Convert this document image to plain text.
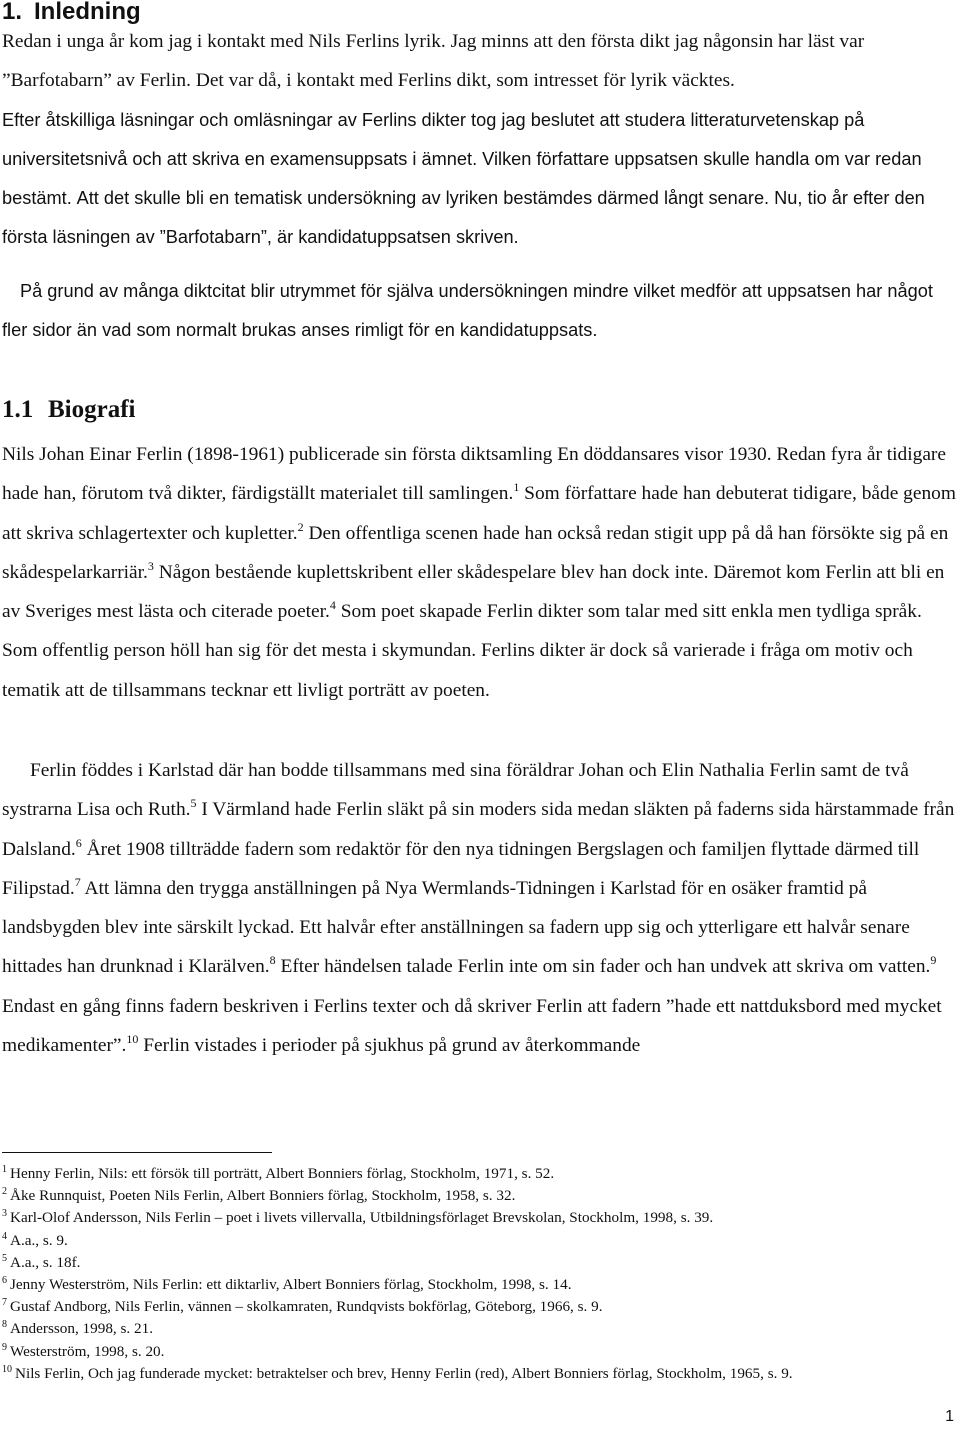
1. Inledning

Redan i unga år kom jag i kontakt med Nils Ferlins lyrik. Jag minns att den första dikt jag någonsin har läst var ”Barfotabarn” av Ferlin. Det var då, i kontakt med Ferlins dikt, som intresset för lyrik väcktes.
Efter åtskilliga läsningar och omläsningar av Ferlins dikter tog jag beslutet att studera litteraturvetenskap på universitetsnivå och att skriva en examensuppsats i ämnet. Vilken författare uppsatsen skulle handla om var redan bestämt. Att det skulle bli en tematisk undersökning av lyriken bestämdes därmed långt senare. Nu, tio år efter den första läsningen av ”Barfotabarn”, är kandidatuppsatsen skriven.

På grund av många diktcitat blir utrymmet för själva undersökningen mindre vilket medför att uppsatsen har något fler sidor än vad som normalt brukas anses rimligt för en kandidatuppsats.

1.1 Biografi

Nils Johan Einar Ferlin (1898-1961) publicerade sin första diktsamling En döddansares visor 1930. Redan fyra år tidigare hade han, förutom två dikter, färdigställt materialet till samlingen.$^1$ Som författare hade han debuterat tidigare, både genom att skriva schlagertexter och kupletter.$^2$ Den offentliga scenen hade han också redan stigit upp på då han försökte sig på en skådespelarkarriär.$^3$ Någon bestående kuplettskribent eller skådespelare blev han dock inte. Däremot kom Ferlin att bli en av Sveriges mest lästa och citerade poeter.$^4$ Som poet skapade Ferlin dikter som talar med sitt enkla men tydliga språk. Som offentlig person höll han sig för det mesta i skymundan. Ferlins dikter är dock så varierade i fråga om motiv och tematik att de tillsammans tecknar ett livligt porträtt av poeten.

Ferlin föddes i Karlstad där han bodde tillsammans med sina föräldrar Johan och Elin Nathalia Ferlin samt de två systrarna Lisa och Ruth.$^5$ I Värmland hade Ferlin släkt på sin moders sida medan släkten på faderns sida härstammade från Dalsland.$^6$ Året 1908 tillträdde fadern som redaktör för den nya tidningen Bergslagen och familjen flyttade därmed till Filipstad.$^7$ Att lämna den trygga anställningen på Nya Wermlands-Tidningen i Karlstad för en osäker framtid på landsbygden blev inte särskilt lyckad. Ett halvår efter anställningen sa fadern upp sig och ytterligare ett halvår senare hittades han drunknad i Klarälven.$^8$ Efter händelsen talade Ferlin inte om sin fader och han undvek att skriva om vatten.$^9$ Endast en gång finns fadern beskriven i Ferlins texter och då skriver Ferlin att fadern ”hade ett nattduksbord med mycket medikamenter”.$^{10}$ Ferlin vistades i perioder på sjukhus på grund av återkommande

$^1$ Henny Ferlin, Nils: ett försök till porträtt, Albert Bonniers förlag, Stockholm, 1971, s. 52.
$^2$ Åke Runnquist, Poeten Nils Ferlin, Albert Bonniers förlag, Stockholm, 1958, s. 32.
$^3$ Karl-Olof Andersson, Nils Ferlin – poet i livets villervalla, Utbildningsförlaget Brevskolan, Stockholm, 1998, s. 39.
$^4$ A.a., s. 9.
$^5$ A.a., s. 18f.
$^6$ Jenny Westerström, Nils Ferlin: ett diktarliv, Albert Bonniers förlag, Stockholm, 1998, s. 14.
$^7$ Gustaf Andborg, Nils Ferlin, vännen – skolkamraten, Rundqvists bokförlag, Göteborg, 1966, s. 9.
$^8$ Andersson, 1998, s. 21.
$^9$ Westerström, 1998, s. 20.
$^{10}$ Nils Ferlin, Och jag funderade mycket: betraktelser och brev, Henny Ferlin (red), Albert Bonniers förlag, Stockholm, 1965, s. 9.
1
